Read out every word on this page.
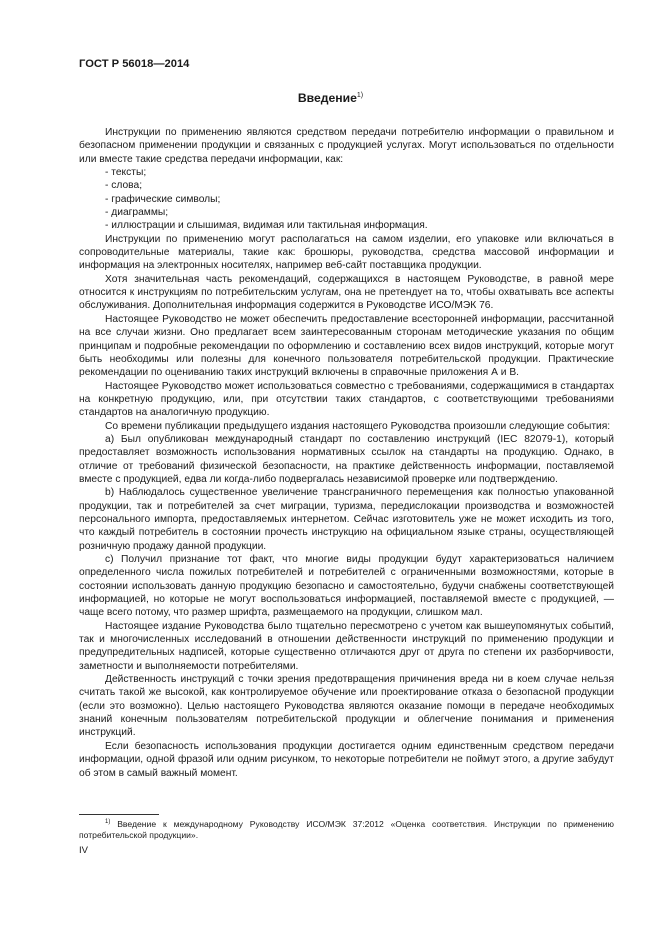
ГОСТ Р 56018—2014
Введение$^{1)}$

Инструкции по применению являются средством передачи потребителю информации о правильном и безопасном применении продукции и связанных с продукцией услугах. Могут использоваться по отдельности или вместе такие средства передачи информации, как:

- тексты;

- слова;

- графические символы;

- диаграммы;

- иллюстрации и слышимая, видимая или тактильная информация.

Инструкции по применению могут располагаться на самом изделии, его упаковке или включаться в сопроводительные материалы, такие как: брошюры, руководства, средства массовой информации и информация на электронных носителях, например веб-сайт поставщика продукции.

Хотя значительная часть рекомендаций, содержащихся в настоящем Руководстве, в равной мере относится к инструкциям по потребительским услугам, она не претендует на то, чтобы охватывать все аспекты обслуживания. Дополнительная информация содержится в Руководстве ИСО/МЭК 76.

Настоящее Руководство не может обеспечить предоставление всесторонней информации, рассчитанной на все случаи жизни. Оно предлагает всем заинтересованным сторонам методические указания по общим принципам и подробные рекомендации по оформлению и составлению всех видов инструкций, которые могут быть необходимы или полезны для конечного пользователя потребительской продукции. Практические рекомендации по оцениванию таких инструкций включены в справочные приложения А и В.

Настоящее Руководство может использоваться совместно с требованиями, содержащимися в стандартах на конкретную продукцию, или, при отсутствии таких стандартов, с соответствующими требованиями стандартов на аналогичную продукцию.

Со времени публикации предыдущего издания настоящего Руководства произошли следующие события:

a) Был опубликован международный стандарт по составлению инструкций (IEC 82079-1), который предоставляет возможность использования нормативных ссылок на стандарты на продукцию. Однако, в отличие от требований физической безопасности, на практике действенность информации, поставляемой вместе с продукцией, едва ли когда-либо подвергалась независимой проверке или подтверждению.

b) Наблюдалось существенное увеличение трансграничного перемещения как полностью упакованной продукции, так и потребителей за счет миграции, туризма, передислокации производства и возможностей персонального импорта, предоставляемых интернетом. Сейчас изготовитель уже не может исходить из того, что каждый потребитель в состоянии прочесть инструкцию на официальном языке страны, осуществляющей розничную продажу данной продукции.

c) Получил признание тот факт, что многие виды продукции будут характеризоваться наличием определенного числа пожилых потребителей и потребителей с ограниченными возможностями, которые в состоянии использовать данную продукцию безопасно и самостоятельно, будучи снабжены соответствующей информацией, но которые не могут воспользоваться информацией, поставляемой вместе с продукцией, — чаще всего потому, что размер шрифта, размещаемого на продукции, слишком мал.

Настоящее издание Руководства было тщательно пересмотрено с учетом как вышеупомянутых событий, так и многочисленных исследований в отношении действенности инструкций по применению продукции и предупредительных надписей, которые существенно отличаются друг от друга по степени их разборчивости, заметности и выполняемости потребителями.

Действенность инструкций с точки зрения предотвращения причинения вреда ни в коем случае нельзя считать такой же высокой, как контролируемое обучение или проектирование отказа о безопасной продукции (если это возможно). Целью настоящего Руководства являются оказание помощи в передаче необходимых знаний конечным пользователям потребительской продукции и облегчение понимания и применения инструкций.

Если безопасность использования продукции достигается одним единственным средством передачи информации, одной фразой или одним рисунком, то некоторые потребители не поймут этого, а другие забудут об этом в самый важный момент.

$^{1)}$ Введение к международному Руководству ИСО/МЭК 37:2012 «Оценка соответствия. Инструкции по применению потребительской продукции».
IV
